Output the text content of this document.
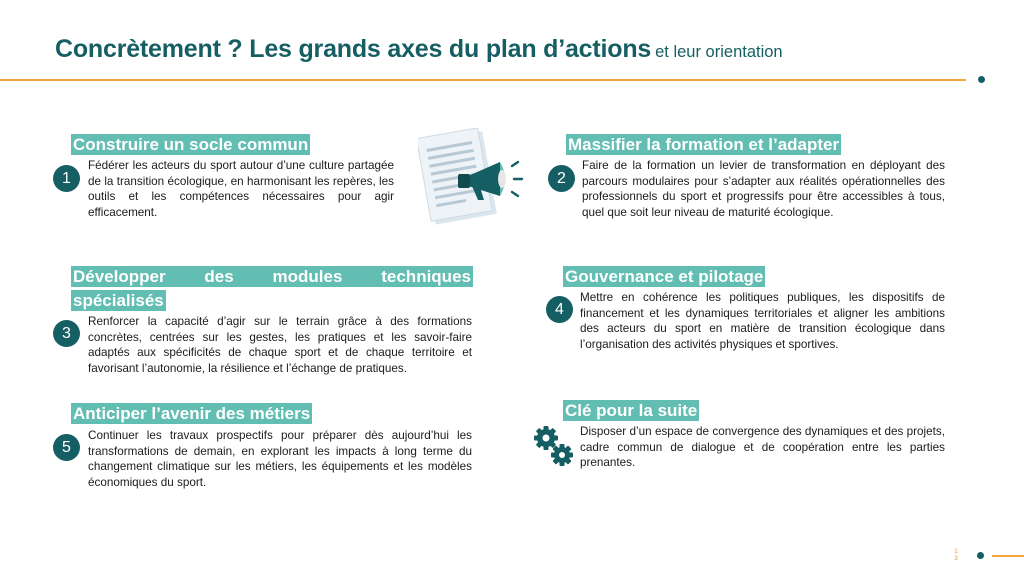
Concrètement ? Les grands axes du plan d’actions et leur orientation
Construire un socle commun
1
Fédérer les acteurs du sport autour d’une culture partagée de la transition écologique, en harmonisant les repères, les outils et les compétences nécessaires pour agir efficacement.
Développer des modules techniques
spécialisés
3
Renforcer la capacité d’agir sur le terrain grâce à des formations concrètes, centrées sur les gestes, les pratiques et les savoir-faire adaptés aux spécificités de chaque sport et de chaque territoire et favorisant l’autonomie, la résilience et l’échange de pratiques.
Anticiper l’avenir des métiers
5
Continuer les travaux prospectifs pour préparer dès aujourd’hui les transformations de demain, en explorant les impacts à long terme du changement climatique sur les métiers, les équipements et les modèles économiques du sport.
Massifier la formation et l’adapter
2
Faire de la formation un levier de transformation en déployant des parcours modulaires pour s’adapter aux réalités opérationnelles des professionnels du sport et progressifs pour être accessibles à tous, quel que soit leur niveau de maturité écologique.
Gouvernance et pilotage
4
Mettre en cohérence les politiques publiques, les dispositifs de financement et les dynamiques territoriales et aligner les ambitions des acteurs du sport en matière de transition écologique dans l’organisation des activités physiques et sportives.
Clé pour la suite
Disposer d’un espace de convergence des dynamiques et des projets, cadre commun de dialogue et de coopération entre les parties prenantes.
1
3
